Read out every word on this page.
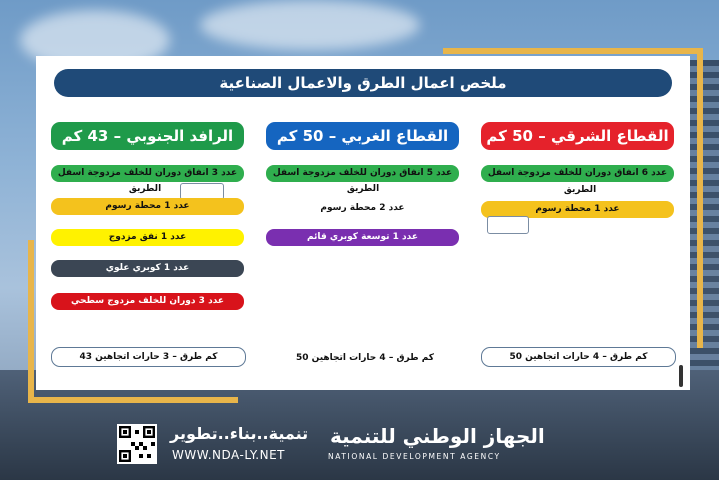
ملخص اعمال الطرق والاعمال الصناعية
القطاع الشرقي – 50 كم
عدد 6 انفاق دوران للخلف مزدوجة اسفل
الطريق
عدد 1 محطة رسوم
كم طرق – 4 حارات اتجاهين 50
القطاع الغربي – 50 كم
عدد 5 انفاق دوران للخلف مزدوجة اسفل
الطريق
عدد 2 محطة رسوم
عدد 1 توسعة كوبري قائم
كم طرق – 4 حارات اتجاهين 50
الرافد الجنوبي – 43 كم
عدد 3 انفاق دوران للخلف مزدوجة اسفل
الطريق
عدد 1 محطة رسوم
عدد 1 نفق مزدوج
عدد 1 كوبري علوي
عدد 3 دوران للخلف مزدوج سطحي
كم طرق – 3 حارات اتجاهين 43
تنمية..بناء..تطوير
WWW.NDA-LY.NET
الجهاز الوطني للتنمية
NATIONAL DEVELOPMENT AGENCY
